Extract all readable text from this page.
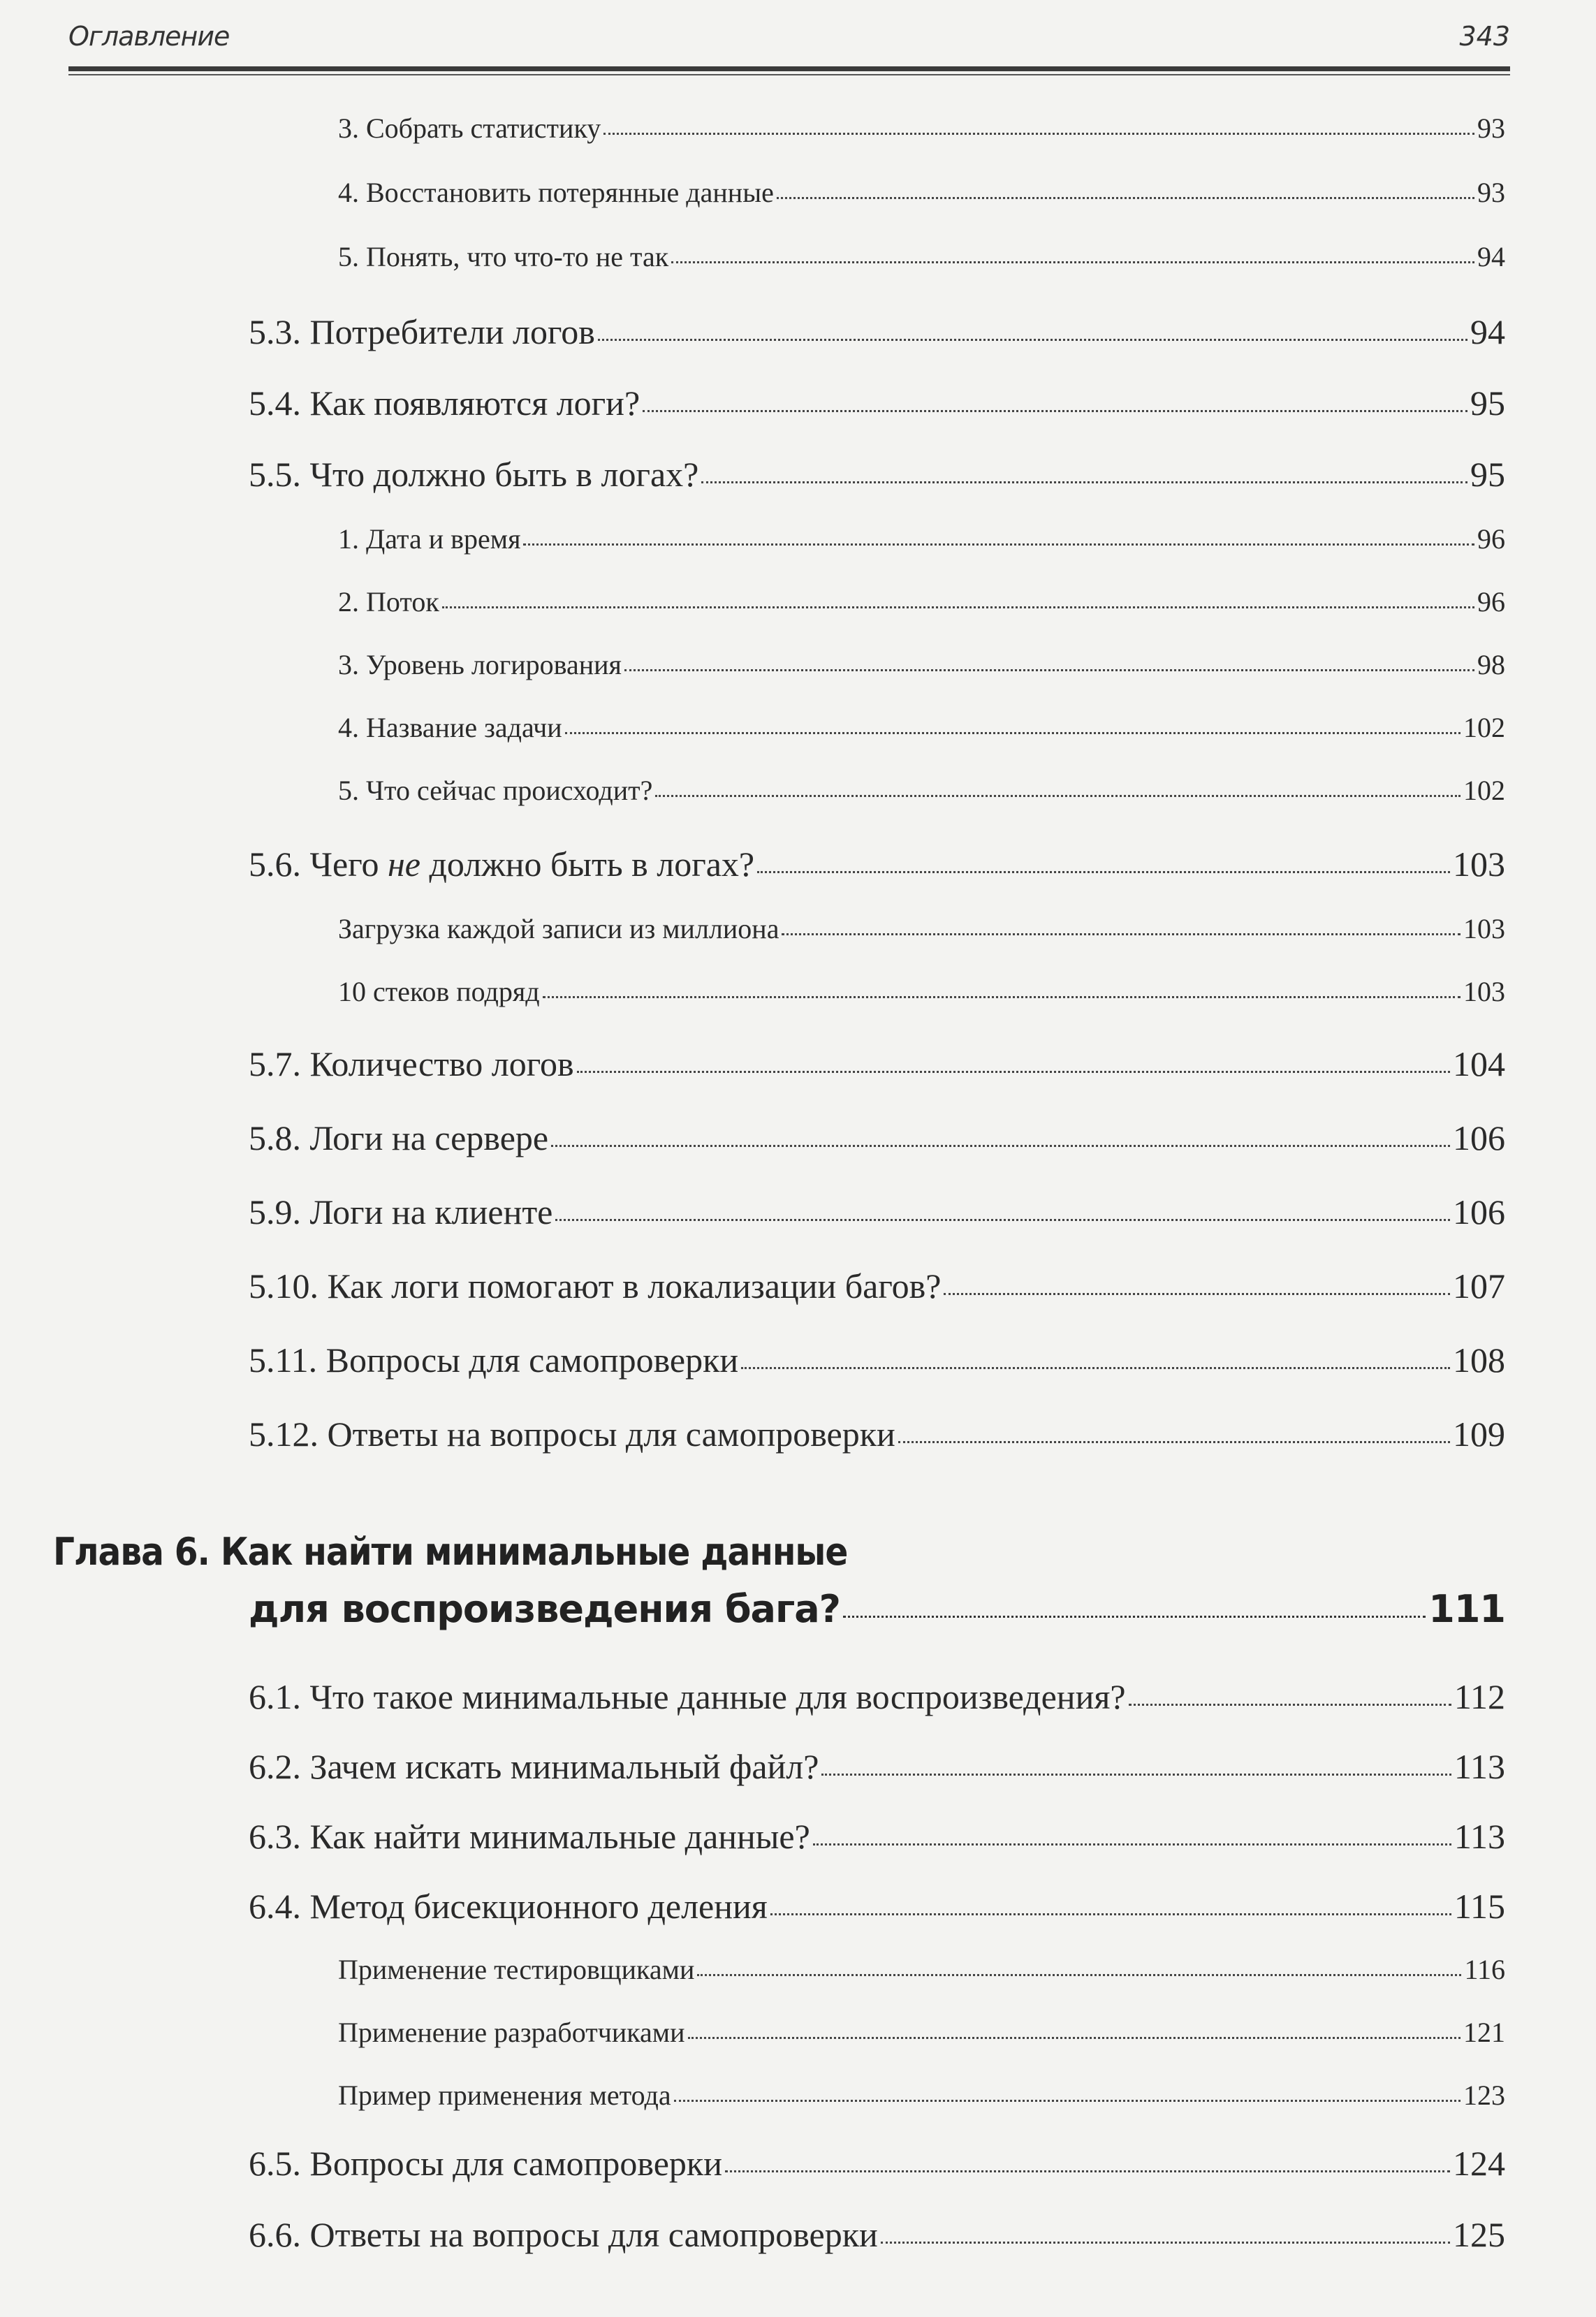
Оглавление	343
3. Собрать статистику	93
4. Восстановить потерянные данные	93
5. Понять, что что-то не так	94
5.3. Потребители логов	94
5.4. Как появляются логи?	95
5.5. Что должно быть в логах?	95
1. Дата и время	96
2. Поток	96
3. Уровень логирования	98
4. Название задачи	102
5. Что сейчас происходит?	102
5.6. Чего не должно быть в логах?	103
Загрузка каждой записи из миллиона	103
10 стеков подряд	103
5.7. Количество логов	104
5.8. Логи на сервере	106
5.9. Логи на клиенте	106
5.10. Как логи помогают в локализации багов?	107
5.11. Вопросы для самопроверки	108
5.12. Ответы на вопросы для самопроверки	109
Глава 6. Как найти минимальные данные
для воспроизведения бага?	111
6.1. Что такое минимальные данные для воспроизведения?	112
6.2. Зачем искать минимальный файл?	113
6.3. Как найти минимальные данные?	113
6.4. Метод бисекционного деления	115
Применение тестировщиками	116
Применение разработчиками	121
Пример применения метода	123
6.5. Вопросы для самопроверки	124
6.6. Ответы на вопросы для самопроверки	125
